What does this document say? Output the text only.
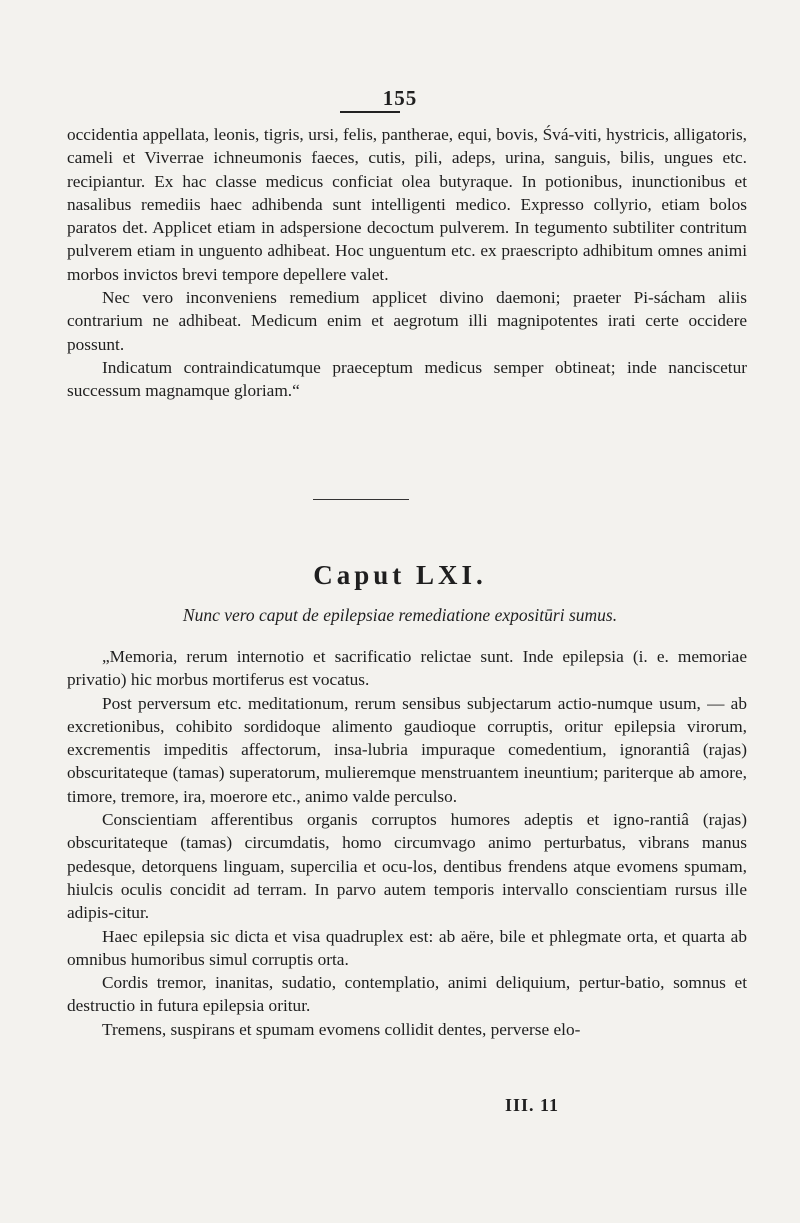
155

occidentia appellata, leonis, tigris, ursi, felis, pantherae, equi, bovis, Śvá-viti, hystricis, alligatoris, cameli et Viverrae ichneumonis faeces, cutis, pili, adeps, urina, sanguis, bilis, ungues etc. recipiantur. Ex hac classe medicus conficiat olea butyraque. In potionibus, inunctionibus et nasalibus remediis haec adhibenda sunt intelligenti medico. Expresso collyrio, etiam bolos paratos det. Applicet etiam in adspersione decoctum pulverem. In tegumento subtiliter contritum pulverem etiam in unguento adhibeat. Hoc unguentum etc. ex praescripto adhibitum omnes animi morbos invictos brevi tempore depellere valet.

Nec vero inconveniens remedium applicet divino daemoni; praeter Pi-sácham aliis contrarium ne adhibeat. Medicum enim et aegrotum illi magnipotentes irati certe occidere possunt.

Indicatum contraindicatumque praeceptum medicus semper obtineat; inde nanciscetur successum magnamque gloriam.“

Caput LXI.
Nunc vero caput de epilepsiae remediatione expositūri sumus.

„Memoria, rerum internotio et sacrificatio relictae sunt. Inde epilepsia (i. e. memoriae privatio) hic morbus mortiferus est vocatus.

Post perversum etc. meditationum, rerum sensibus subjectarum actio-numque usum, — ab excretionibus, cohibito sordidoque alimento gaudioque corruptis, oritur epilepsia virorum, excrementis impeditis affectorum, insa-lubria impuraque comedentium, ignorantiâ (rajas) obscuritateque (tamas) superatorum, mulieremque menstruantem ineuntium; pariterque ab amore, timore, tremore, ira, moerore etc., animo valde perculso.

Conscientiam afferentibus organis corruptos humores adeptis et igno-rantiâ (rajas) obscuritateque (tamas) circumdatis, homo circumvago animo perturbatus, vibrans manus pedesque, detorquens linguam, supercilia et ocu-los, dentibus frendens atque evomens spumam, hiulcis oculis concidit ad terram. In parvo autem temporis intervallo conscientiam rursus ille adipis-citur.

Haec epilepsia sic dicta et visa quadruplex est: ab aëre, bile et phlegmate orta, et quarta ab omnibus humoribus simul corruptis orta.

Cordis tremor, inanitas, sudatio, contemplatio, animi deliquium, pertur-batio, somnus et destructio in futura epilepsia oritur.

Tremens, suspirans et spumam evomens collidit dentes, perverse elo-

III. 11
